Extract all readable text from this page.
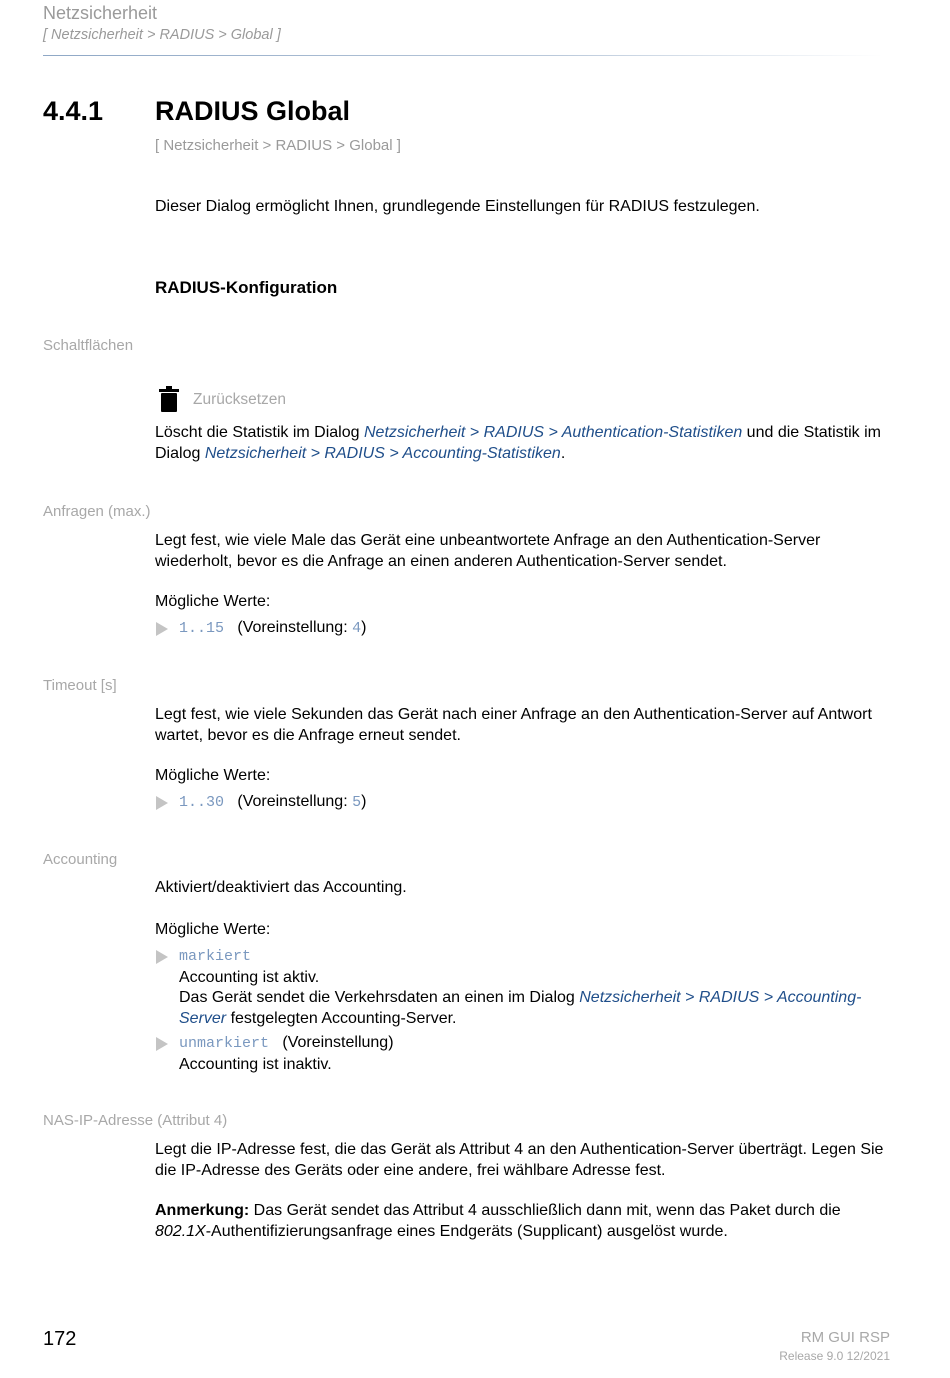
Netzsicherheit
[ Netzsicherheit > RADIUS > Global ]
4.4.1 RADIUS Global
[ Netzsicherheit > RADIUS > Global ]
Dieser Dialog ermöglicht Ihnen, grundlegende Einstellungen für RADIUS festzulegen.
RADIUS-Konfiguration
Schaltflächen
Zurücksetzen
Löscht die Statistik im Dialog Netzsicherheit > RADIUS > Authentication-Statistiken und die Statistik im Dialog Netzsicherheit > RADIUS > Accounting-Statistiken.
Anfragen (max.)
Legt fest, wie viele Male das Gerät eine unbeantwortete Anfrage an den Authentication-Server wiederholt, bevor es die Anfrage an einen anderen Authentication-Server sendet.
Mögliche Werte:
1..15 (Voreinstellung: 4)
Timeout [s]
Legt fest, wie viele Sekunden das Gerät nach einer Anfrage an den Authentication-Server auf Antwort wartet, bevor es die Anfrage erneut sendet.
Mögliche Werte:
1..30 (Voreinstellung: 5)
Accounting
Aktiviert/deaktiviert das Accounting.
Mögliche Werte:
markiert
Accounting ist aktiv.
Das Gerät sendet die Verkehrsdaten an einen im Dialog Netzsicherheit > RADIUS > Accounting-Server festgelegten Accounting-Server.
unmarkiert (Voreinstellung)
Accounting ist inaktiv.
NAS-IP-Adresse (Attribut 4)
Legt die IP-Adresse fest, die das Gerät als Attribut 4 an den Authentication-Server überträgt. Legen Sie die IP-Adresse des Geräts oder eine andere, frei wählbare Adresse fest.
Anmerkung: Das Gerät sendet das Attribut 4 ausschließlich dann mit, wenn das Paket durch die 802.1X-Authentifizierungsanfrage eines Endgeräts (Supplicant) ausgelöst wurde.
172	RM GUI RSP
Release 9.0 12/2021
